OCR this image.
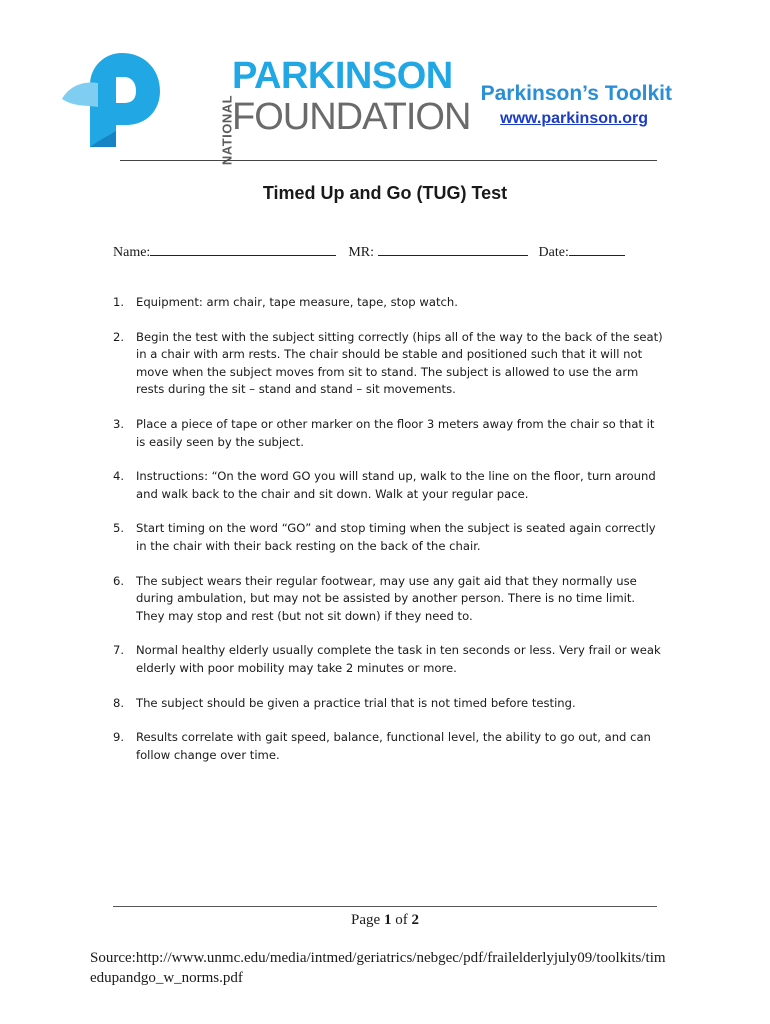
NATIONAL
PARKINSON
FOUNDATION
Parkinson’s Toolkit
www.parkinson.org
Timed Up and Go (TUG) Test
Name:	MR:	Date:
1. Equipment: arm chair, tape measure, tape, stop watch.
2. Begin the test with the subject sitting correctly (hips all of the way to the back of the seat) in a chair with arm rests. The chair should be stable and positioned such that it will not move when the subject moves from sit to stand. The subject is allowed to use the arm rests during the sit – stand and stand – sit movements.
3. Place a piece of tape or other marker on the floor 3 meters away from the chair so that it is easily seen by the subject.
4. Instructions: “On the word GO you will stand up, walk to the line on the floor, turn around and walk back to the chair and sit down. Walk at your regular pace.
5. Start timing on the word “GO” and stop timing when the subject is seated again correctly in the chair with their back resting on the back of the chair.
6. The subject wears their regular footwear, may use any gait aid that they normally use during ambulation, but may not be assisted by another person. There is no time limit. They may stop and rest (but not sit down) if they need to.
7. Normal healthy elderly usually complete the task in ten seconds or less. Very frail or weak elderly with poor mobility may take 2 minutes or more.
8. The subject should be given a practice trial that is not timed before testing.
9. Results correlate with gait speed, balance, functional level, the ability to go out, and can follow change over time.
Page 1 of 2
Source:http://www.unmc.edu/media/intmed/geriatrics/nebgec/pdf/frailelderlyjuly09/toolkits/timedupandgo_w_norms.pdf
